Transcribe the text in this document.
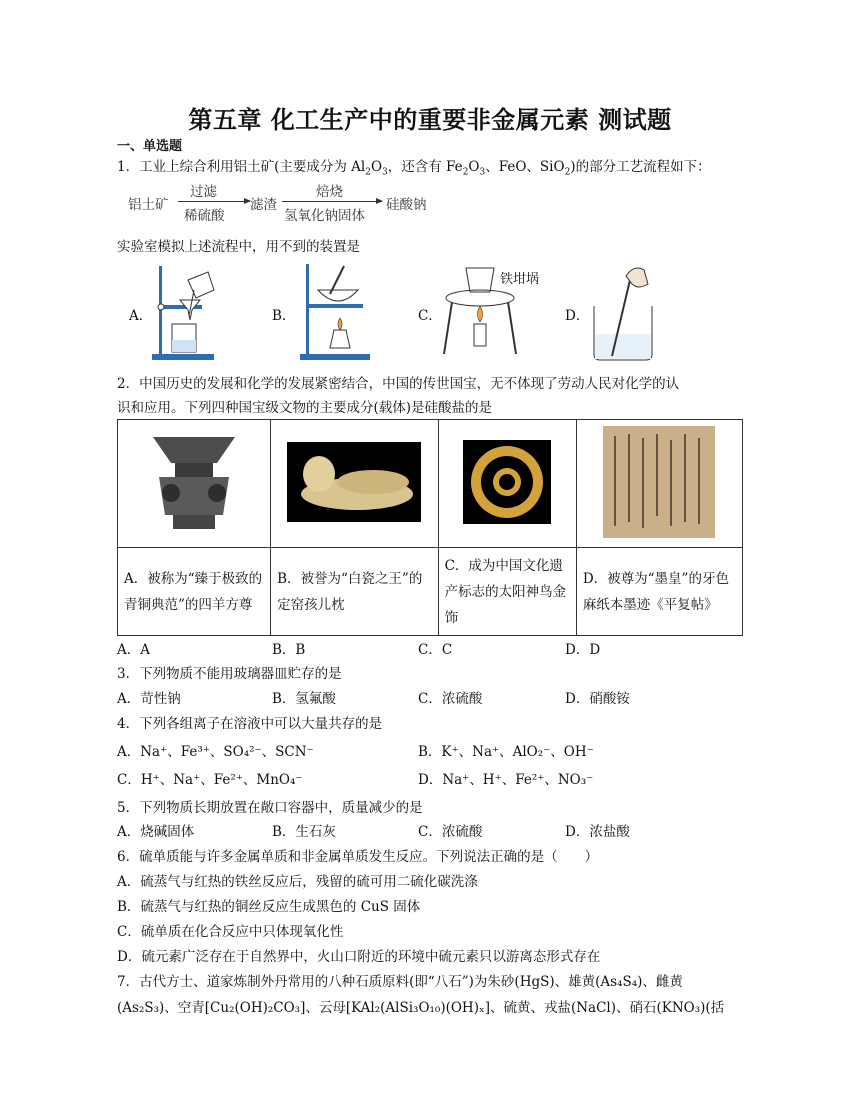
第五章 化工生产中的重要非金属元素 测试题
一、单选题
1．工业上综合利用铝土矿(主要成分为 $Al_2O_3$，还含有 $Fe_2O_3$、FeO、SiO$_2$)的部分工艺流程如下：
铝土矿
过滤
稀硫酸
滤渣
焙烧
氢氧化钠固体
硅酸钠
实验室模拟上述流程中，用不到的装置是
A．	B．	C．
铁坩埚
D．
2．中国历史的发展和化学的发展紧密结合，中国的传世国宝，无不体现了劳动人民对化学的认
识和应用。下列四种国宝级文物的主要成分(载体)是硅酸盐的是

A．被称为“臻于极致的青铜典范”的四羊方尊	B．被誉为“白瓷之王”的定窑孩儿枕	C．成为中国文化遗产标志的太阳神鸟金饰	D．被尊为“墨皇”的牙色麻纸本墨迹《平复帖》
A．A	B．B	C．C	D．D
3．下列物质不能用玻璃器皿贮存的是
A．苛性钠	B．氢氟酸	C．浓硫酸	D．硝酸铵
4．下列各组离子在溶液中可以大量共存的是
A．Na⁺、Fe³⁺、SO₄²⁻、SCN⁻	B．K⁺、Na⁺、AlO₂⁻、OH⁻
C．H⁺、Na⁺、Fe²⁺、MnO₄⁻	D．Na⁺、H⁺、Fe²⁺、NO₃⁻
5．下列物质长期放置在敞口容器中，质量减少的是
A．烧碱固体	B．生石灰	C．浓硫酸	D．浓盐酸
6．硫单质能与许多金属单质和非金属单质发生反应。下列说法正确的是（　　）
A．硫蒸气与红热的铁丝反应后，残留的硫可用二硫化碳洗涤
B．硫蒸气与红热的铜丝反应生成黑色的 CuS 固体
C．硫单质在化合反应中只体现氧化性
D．硫元素广泛存在于自然界中，火山口附近的环境中硫元素只以游离态形式存在
7．古代方士、道家炼制外丹常用的八种石质原料(即“八石”)为朱砂(HgS)、雄黄(As₄S₄)、雌黄
(As₂S₃)、空青[Cu₂(OH)₂CO₃]、云母[KAl₂(AlSi₃O₁₀)(OH)ₓ]、硫黄、戎盐(NaCl)、硝石(KNO₃)(括
